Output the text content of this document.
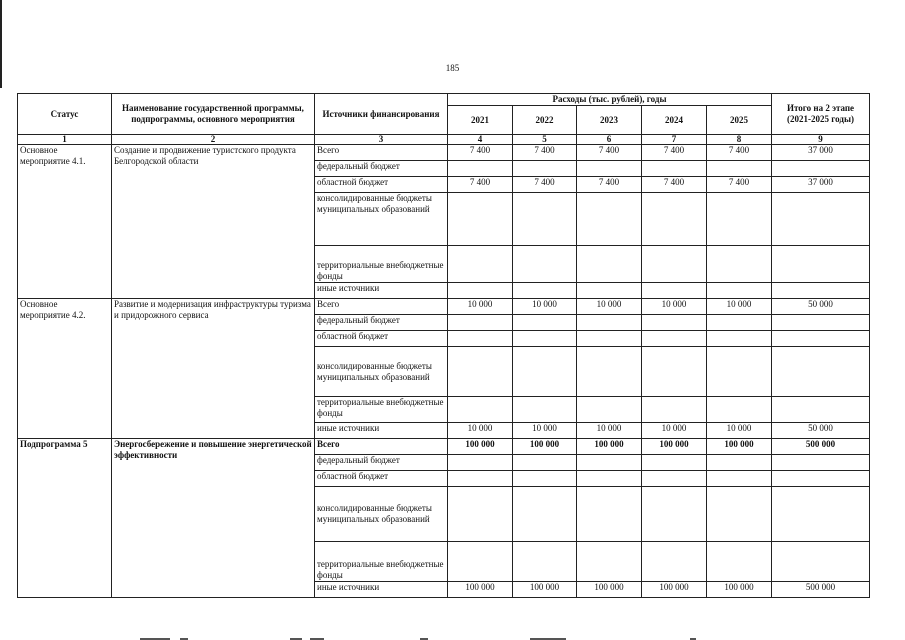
185
Статус	Наименование государственной программы, подпрограммы, основного мероприятия	Источники финансирования	Расходы (тыс. рублей), годы					Итого на 2 этапе (2021-2025 годы)
			2021	2022	2023	2024	2025	
1	2	3	4	5	6	7	8	9
Основное мероприятие 4.1.	Создание и продвижение туристского продукта Белгородской области	Всего	7 400	7 400	7 400	7 400	7 400	37 000
		федеральный бюджет						
		областной бюджет	7 400	7 400	7 400	7 400	7 400	37 000
		консолидированные бюджеты муниципальных образований						
		территориальные внебюджетные фонды						
		иные источники						
Основное мероприятие 4.2.	Развитие и модернизация инфраструктуры туризма и придорожного сервиса	Всего	10 000	10 000	10 000	10 000	10 000	50 000
		федеральный бюджет						
		областной бюджет						
		консолидированные бюджеты муниципальных образований						
		территориальные внебюджетные фонды						
		иные источники	10 000	10 000	10 000	10 000	10 000	50 000
Подпрограмма 5	Энергосбережение и повышение энергетической эффективности	Всего	100 000	100 000	100 000	100 000	100 000	500 000
		федеральный бюджет						
		областной бюджет						
		консолидированные бюджеты муниципальных образований						
		территориальные внебюджетные фонды						
		иные источники	100 000	100 000	100 000	100 000	100 000	500 000
